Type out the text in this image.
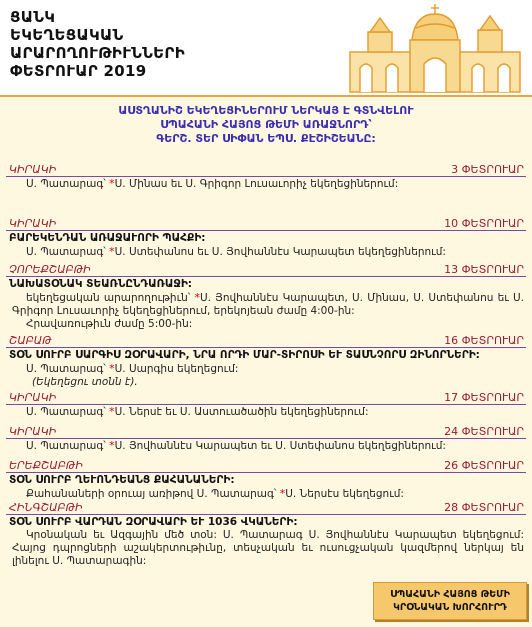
ՑԱՆԿ
ԵԿԵՂԵՑԱԿԱՆ
ԱՐԱՐՈՂՈՒԹԻՒՆՆԵՐԻ
ՓԵՏՐՈՒԱՐ 2019
ԱՍՏՂԱՆԻՇ ԵԿԵՂԵՑԻՆԵՐՈՒՄ ՆԵՐԿԱՅ Է ԳՏՆՎԵԼՈՒ
ՍՊԱՀԱՆԻ ՀԱՅՈՑ ԹԵՄԻ ԱՌԱՋՆՈՐԴ՝
ԳԵՐՇ. ՏԵՐ ՍԻՓԱՆ ԵՊՍ. ՔԷՇԻՇԵԱՆԸ:
ԿԻՐԱԿԻ	3 ՓԵՏՐՈՒԱՐ
Ս. Պատարագ՝ *Ս. Մինաս եւ Ս. Գրիգոր Լուսաւորիչ եկեղեցիներում:
ԿԻՐԱԿԻ	10 ՓԵՏՐՈՒԱՐ
ԲԱՐԵԿԵՆԴԱՆ ԱՌԱՋԱՒՈՐԻ ՊԱՀՔԻ:
Ս. Պատարագ՝ *Ս. Ստեփանոս եւ Ս. Յովհաննէս Կարապետ եկեղեցիներում:
ՉՈՐԵՔՇԱԲԹԻ	13 ՓԵՏՐՈՒԱՐ
ՆԱԽԱՏՕՆԱԿ ՏԵԱՌՆԸՆԴԱՌԱՋԻ:
եկեղեցական արարողութիւն՝ *Ս. Յովհաննէս Կարապետ, Ս. Մինաս, Ս. Ստեփանոս եւ Ս. Գրիգոր Լուսաւորիչ եկեղեցիներում, երեկոյեան ժամը 4:00-ին:
Հրավառութիւն ժամը 5:00-ին:
ՇԱԲԱԹ	16 ՓԵՏՐՈՒԱՐ
ՏՕՆ ՍՈՒՐԲ ՍԱՐԳԻՍ ԶՕՐԱՎԱՐԻ, ՆՐԱ ՈՐԴԻ ՄԱՐ-ՏԻՐՈՍԻ ԵՒ ՏԱՍՆՉՈՐՍ ԶԻՆՈՐՆԵՐԻ:
Ս. Պատարագ՝ *Ս. Սարգիս եկեղեցում:
(Եկեղեցու տօնն է).
ԿԻՐԱԿԻ	17 ՓԵՏՐՈՒԱՐ
Ս. Պատարագ՝ *Ս. Ներսէ եւ Ս. Աստուածածին եկեղեցիներում:
ԿԻՐԱԿԻ	24 ՓԵՏՐՈՒԱՐ
Ս. Պատարագ՝ *Ս. Յովհաննէս Կարապետ եւ Ս. Ստեփանոս եկեղեցիներում:
ԵՐԵՔՇԱԲԹԻ	26 ՓԵՏՐՈՒԱՐ
ՏՕՆ ՍՈՒՐԲ ՂԵՒՈՆԴԵԱՆՑ ՔԱՀԱՆԱՆԵՐԻ:
Քահանաների օրուայ առիթով Ս. Պատարագ՝ *Ս. Ներսէս եկեղեցում:
ՀԻՆԳՇԱԲԹԻ	28 ՓԵՏՐՈՒԱՐ
ՏՕՆ ՍՈՒՐԲ ՎԱՐԴԱՆ ԶՕՐԱՎԱՐԻ ԵՒ 1036 ՎԿԱՆԵՐԻ:
Կրօնական եւ Ազգային մեծ տօն: Ս. Պատարագ Ս. Յովհաննէս Կարապետ եկեղեցում: Հայոց դպրոցների աշակերտութիւնը, տեսչական եւ ուսուցչական կազմերով ներկայ են լինելու Ս. Պատարագին:
ՍՊԱՀԱՆԻ ՀԱՅՈՑ ԹԵՄԻ
ԿՐՕՆԱԿԱՆ ԽՈՐՀՈՒՐԴ
